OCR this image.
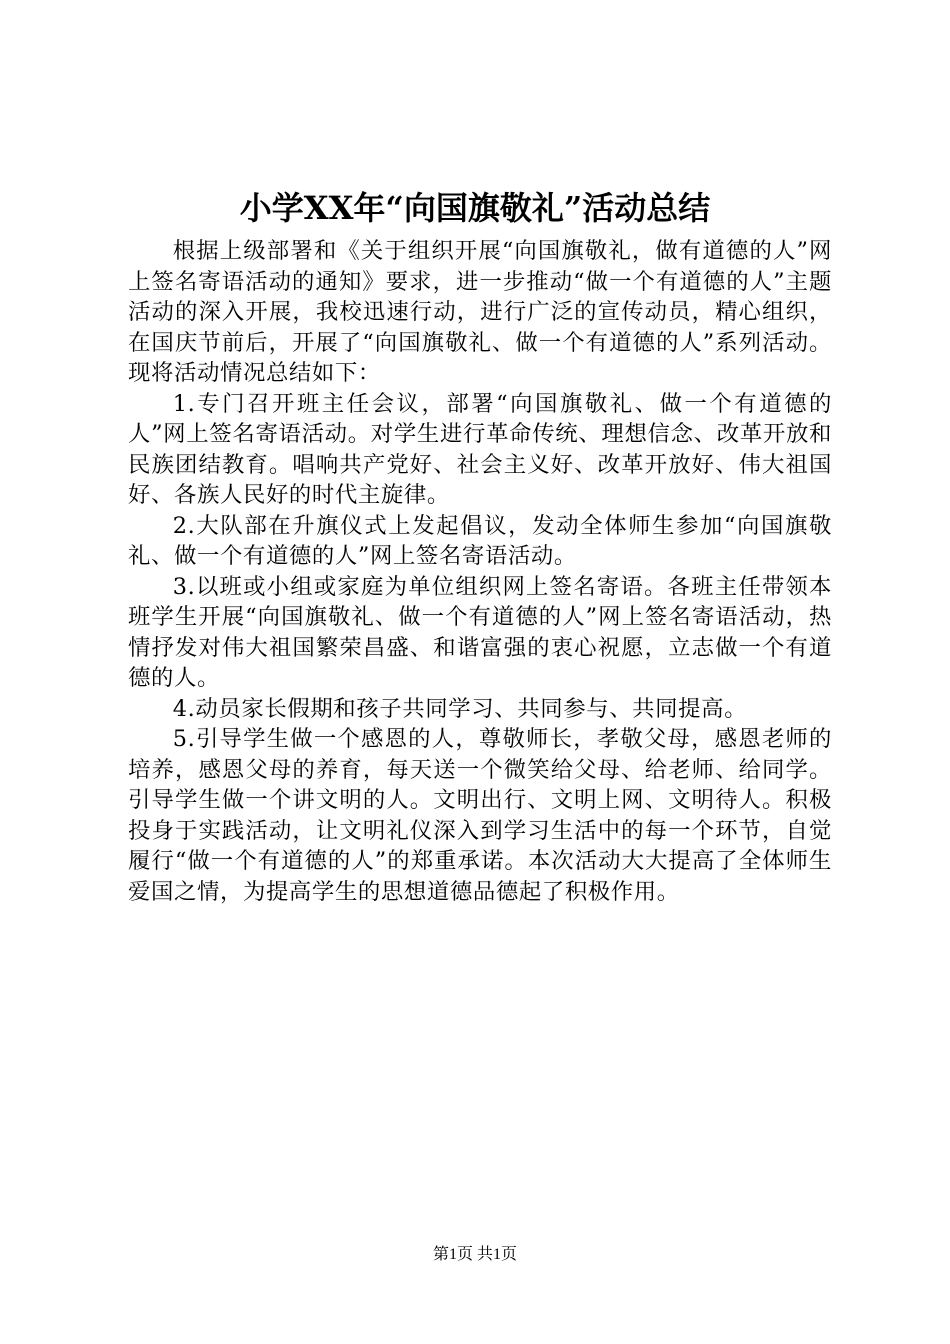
小学XX年“向国旗敬礼”活动总结

根据上级部署和《关于组织开展“向国旗敬礼，做有道德的人”网上签名寄语活动的通知》要求，进一步推动“做一个有道德的人”主题活动的深入开展，我校迅速行动，进行广泛的宣传动员，精心组织，在国庆节前后，开展了“向国旗敬礼、做一个有道德的人”系列活动。现将活动情况总结如下：

1.专门召开班主任会议，部署“向国旗敬礼、做一个有道德的人”网上签名寄语活动。对学生进行革命传统、理想信念、改革开放和民族团结教育。唱响共产党好、社会主义好、改革开放好、伟大祖国好、各族人民好的时代主旋律。

2.大队部在升旗仪式上发起倡议，发动全体师生参加“向国旗敬礼、做一个有道德的人”网上签名寄语活动。

3.以班或小组或家庭为单位组织网上签名寄语。各班主任带领本班学生开展“向国旗敬礼、做一个有道德的人”网上签名寄语活动，热情抒发对伟大祖国繁荣昌盛、和谐富强的衷心祝愿，立志做一个有道德的人。

4.动员家长假期和孩子共同学习、共同参与、共同提高。

5.引导学生做一个感恩的人，尊敬师长，孝敬父母，感恩老师的培养，感恩父母的养育，每天送一个微笑给父母、给老师、给同学。引导学生做一个讲文明的人。文明出行、文明上网、文明待人。积极投身于实践活动，让文明礼仪深入到学习生活中的每一个环节，自觉履行“做一个有道德的人”的郑重承诺。本次活动大大提高了全体师生爱国之情，为提高学生的思想道德品德起了积极作用。

第1页 共1页
